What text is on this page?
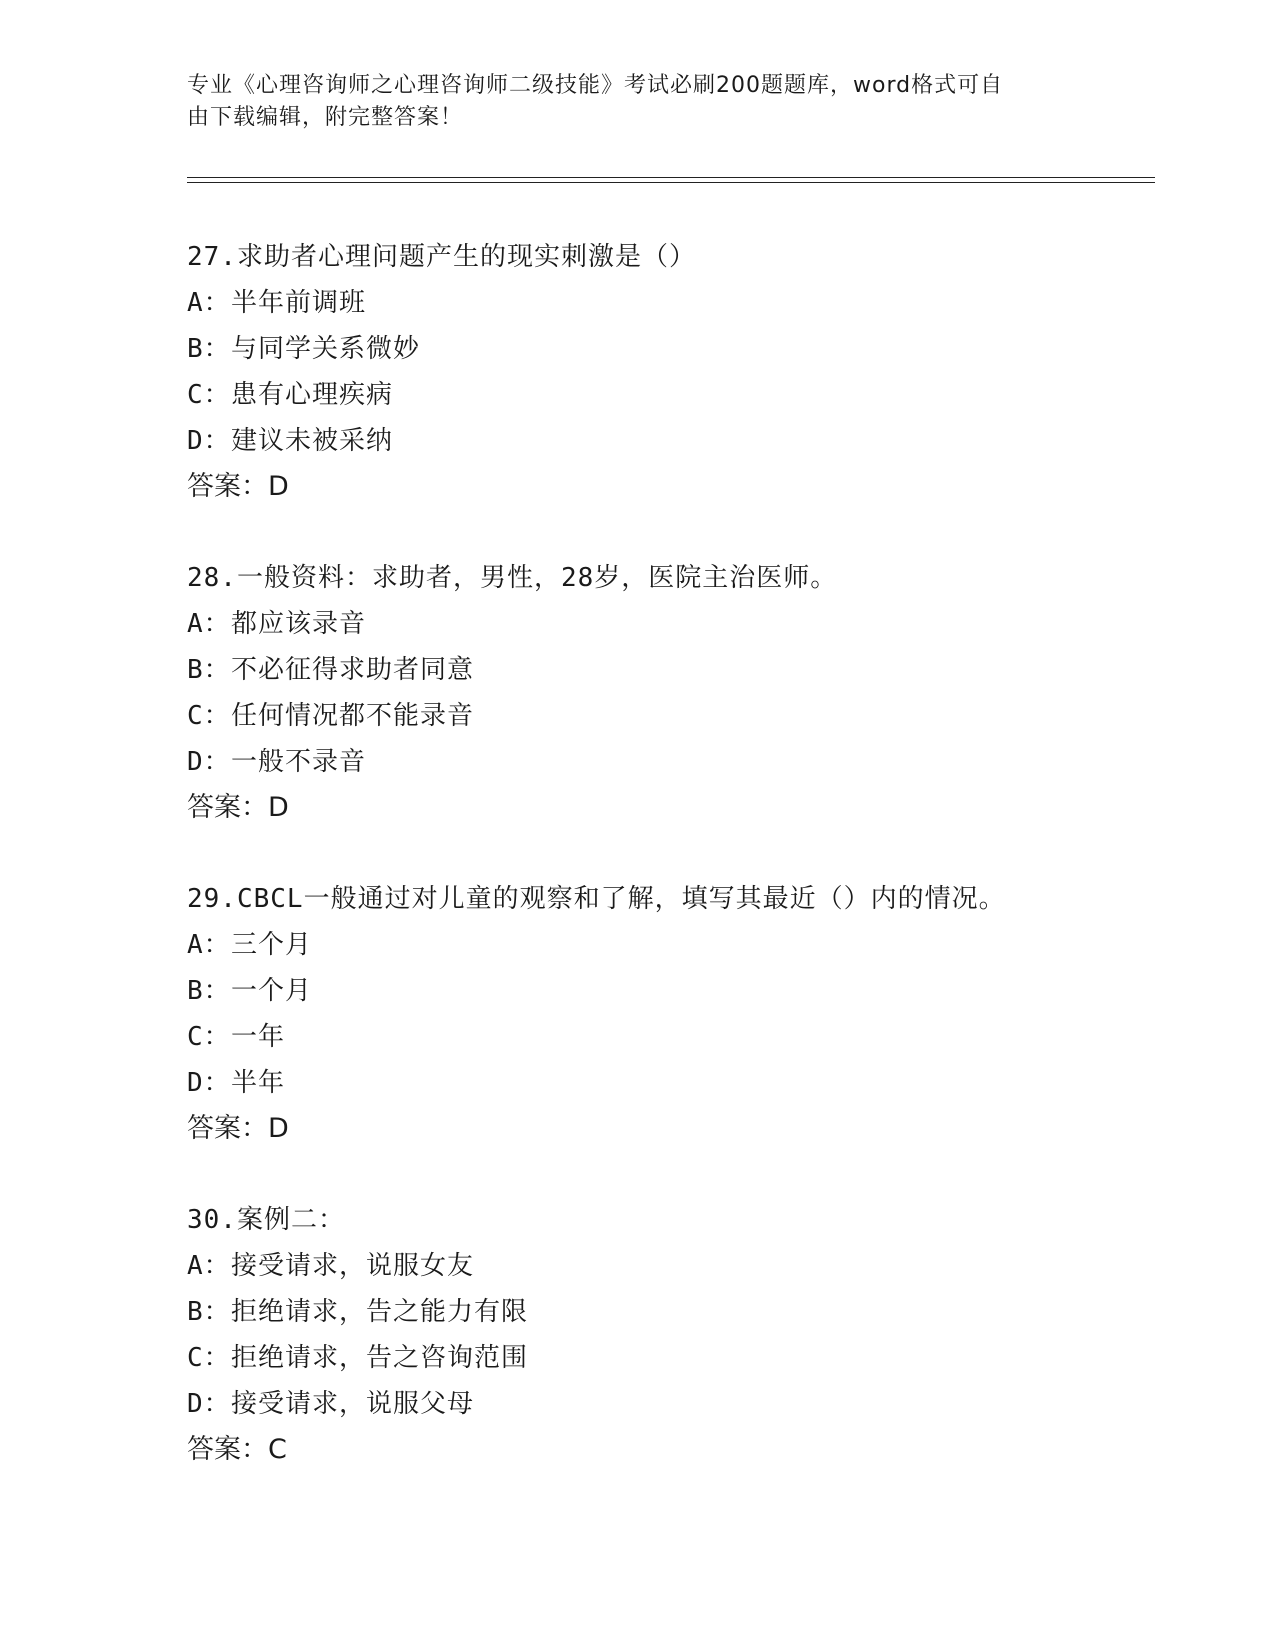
专业《心理咨询师之心理咨询师二级技能》考试必刷200题题库，word格式可自
由下载编辑，附完整答案！
27.求助者心理问题产生的现实刺激是（）
A：半年前调班
B：与同学关系微妙
C：患有心理疾病
D：建议未被采纳
答案：D
28.一般资料：求助者，男性，28岁，医院主治医师。
A：都应该录音
B：不必征得求助者同意
C：任何情况都不能录音
D：一般不录音
答案：D
29.CBCL一般通过对儿童的观察和了解，填写其最近（）内的情况。
A：三个月
B：一个月
C：一年
D：半年
答案：D
30.案例二：
A：接受请求，说服女友
B：拒绝请求，告之能力有限
C：拒绝请求，告之咨询范围
D：接受请求，说服父母
答案：C
